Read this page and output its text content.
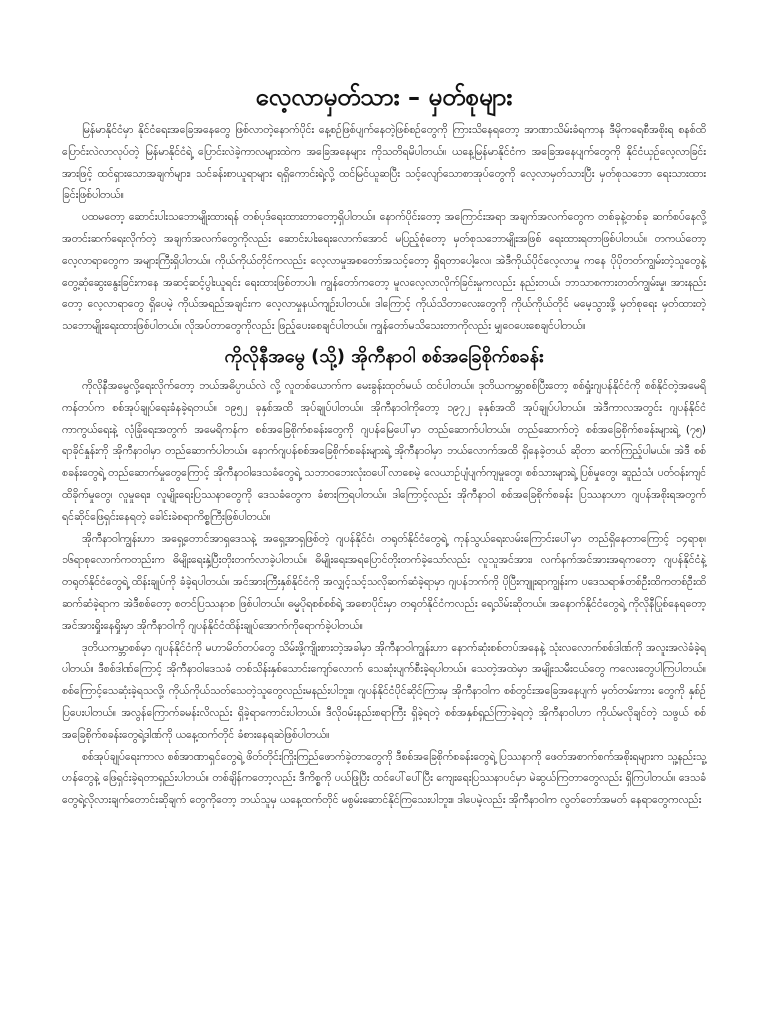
လေ့လာမှတ်သား – မှတ်စုများ

မြန်မာနိုင်ငံမှာ နိုင်ငံရေးအခြေအနေတွေ ဖြစ်လာတဲ့နောက်ပိုင်း နေ့စဉ်ဖြစ်ပျက်နေတဲ့ဖြစ်စဉ်တွေကို ကြားသိနေရတော့ အာဏာသိမ်းခံရကာန ဒီမိုကရေစီအစိုးရ စနစ်ထိ ပြောင်းလဲလာလုပ်တဲ့ မြန်မာနိုင်ငံရဲ့ ပြောင်းလဲခဲ့ကာလများထဲက အခြေအနေများ ကိုသတိရမိပါတယ်။ ယနေ့မြန်မာနိုင်ငံက အခြေအနေပျက်တွေကို နိုင်ငံယှဉ်လေ့လာခြင်းအားဖြင့် ထင်ရှားသောအချက်များ၊ သင်ခန်းစာယူရာများ ရရှိကောင်းရဲ့လို့ ထင်မြင်ယူဆပြီး သင့်လျော်သောစာအုပ်တွေကို လေ့လာမှတ်သားပြီး မှတ်စုသဘော ရေးသားထားခြင်းဖြစ်ပါတယ်။

ပထမတော့ ဆောင်းပါးသဘောမျိုးထားရန် တစ်ပုဒ်ရေးထားတာတော့ရှိပါတယ်။ နောက်ပိုင်းတော့ အကြောင်းအရာ အချက်အလက်တွေက တစ်ခုနဲ့တစ်ခု ဆက်စပ်နေလို့ အတင်းဆက်ရေးလိုက်တဲ့ အချက်အလက်တွေကိုလည်း ဆောင်းပါးရေးလောက်အောင် မပြည့်စုံတော့ မှတ်စုသဘောမျိုးအဖြစ် ရေးထားရတာဖြစ်ပါတယ်။ တကယ်တော့ လေ့လာရာတွေက အများကြီးရှိပါတယ်။ ကိုယ်ကိုယ်တိုင်ကလည်း လေ့လာမှုအစတော်အသင့်တော့ ရှိရတာပေါ့လေ၊ အဲဒီကိုယ်ပိုင်လေ့လာမှု ကနေ ပိုပိုတတ်ကျွမ်းတဲ့သူတွေနဲ့ တွေ့ဆုံဆွေးနွေးခြင်းကနေ အဆင့်ဆင့်ပွါးယူရင်း ရေးထားဖြစ်တာပါ။ ကျွန်တော်ကတော့ မူလလေ့လာလိုက်ခြင်းမှုကလည်း နည်းတယ်၊ ဘာသာစကားတတ်ကျွမ်းမှု၊ အားနည်းတော့ လေ့လာရာတွေ ရှိပေမဲ့ ကိုယ်အရည်အချင်းက လေ့လာမှုနယ်ကျဉ်းပါတယ်။ ဒါကြောင့် ကိုယ်သိတာလေးတွေကို ကိုယ်ကိုယ်တိုင် မမေ့သွားဖို့ မှတ်စုရေး မှတ်ထားတဲ့သဘောမျိုးရေးထားဖြစ်ပါတယ်။ လိုအပ်တာတွေကိုလည်း ဖြည့်ပေးစေချင်ပါတယ်။ ကျွန်တော်မသိသေးတာကိုလည်း မျှဝေပေးစေချင်ပါတယ်။

ကိုလိုနီအမွေ (သို့) အိုကီနာဝါ စစ်အခြေစိုက်စခန်း

ကိုလိုနီအမွေလို့ရေးလိုက်တော့ ဘယ်အဓိပ္ပာယ်လဲ လို့ လူတစ်ယောက်က မေးခွန်းထုတ်မယ် ထင်ပါတယ်။ ဒုတိယကမ္ဘာစစ်ပြီးတော့ စစ်ရှုံးဂျပန်နိုင်ငံကို စစ်နိုင်တဲ့အမေရိကန်တပ်က စစ်အုပ်ချုပ်ရေးခံနခဲ့ရတယ်။ ၁၉၅၂ ခုနှစ်အထိ အုပ်ချုပ်ပါတယ်။ အိုကီနာဝါကိုတော့ ၁၉၇၂ ခုနှစ်အထိ အုပ်ချုပ်ပါတယ်။ အဲဒီကာလအတွင်း ဂျပန်နိုင်ငံ ကာကွယ်ရေးနဲ့ လုံခြုံရေးအတွက် အမေရိကန်က စစ်အခြေစိုက်စခန်းတွေကို ဂျပန်မြေပေါ်မှာ တည်ဆောက်ပါတယ်။ တည်ဆောက်တဲ့ စစ်အခြေစိုက်စခန်းများရဲ့ (၇၅) ရာခိုင်နှုန်းကို အိုကီနာဝါမှာ တည်ဆောက်ပါတယ်။ နောက်ဂျပန်စစ်အခြေစိုက်စခန်းများရဲ့ အိုကီနာဝါမှာ ဘယ်လောက်အထိ ရှိနေခဲ့တယ် ဆိုတာ ဆက်ကြည့်ပါမယ်။ အဲဒီ စစ်စခန်းတွေရဲ့ တည်ဆောက်မှုတွေကြောင့် အိုကီနာဝါဒေသခံတွေရဲ့ သဘာဝဘေးလုံးဝပေါ်လာစေမဲ့ လေယာဉ်ပျံပျက်ကျမှုတွေ၊ စစ်သားများရဲ့ ပြစ်မှုတွေ၊ ဆူညံသံ၊ ပတ်ဝန်းကျင်ထိခိုက်မှုတွေ၊ လူမှုရေး၊ လူမျိုးရေးပြဿနာတွေကို ဒေသခံတွေက ခံစားကြရပါတယ်။ ဒါကြောင့်လည်း အိုကီနာဝါ စစ်အခြေစိုက်စခန်း ပြဿနာဟာ ဂျပန်အစိုးရအတွက် ရင်ဆိုင်ဖြေရှင်းနေရတဲ့ ခေါင်းခဲစရာကိစ္စကြီးဖြစ်ပါတယ်။

အိုကီနာဝါကျွန်းဟာ အရှေ့တောင်အာရှဒေသနဲ့ အရှေ့အာရှဖြစ်တဲ့ ဂျပန်နိုင်ငံ၊ တရုတ်နိုင်ငံတွေရဲ့ ကုန်သွယ်ရေးလမ်းကြောင်းပေါ်မှာ တည်ရှိနေတာကြောင့် ၁၄ရာစု၊ ၁၆ရာစုလောက်ကတည်းက ဓိမျိုးရေးနှဲ့ပြီးတိုးတက်လာခဲ့ပါတယ်။ ဓိမျိုးရေးအရပြောင်တိုးတက်ခဲ့သော်လည်း လူသူအင်အား၊ လက်နက်အင်အားအရကတော့ ဂျပန်နိုင်ငံနဲ့ တရုတ်နိုင်ငံတွေရဲ့ ထိန်းချုပ်ကို ခံခဲ့ရပါတယ်။ အင်အားကြီးနှစ်နိုင်ငံကို အလျှင့်သင့်သလိုဆက်ဆံခဲ့ရာမှာ ဂျပန်ဘက်ကို ပိုပြီးကျူးရာကျွန်းက ပဒေသရာဇ်တစ်ဦးထိကတစ်ဦးထိ ဆက်ဆံခဲ့ရာက အဲဒီစစ်တော့ စတင်ပြဿနာစ ဖြစ်ပါတယ်။ ဓမ္မပိုရစစ်စစ်ရဲ့ အစောပိုင်းမှာ တရုတ်နိုင်ငံကလည်း ရေ့သိမ်းဆိုတယ်။ အနောက်နိုင်ငံတွေရဲ့ ကိုလိုနီပြုစ်နေရတော့ အင်အားရှိုးနေရှိုးမှာ အိုကီနာဝါကို ဂျပန်နိုင်ငံထိန်းချုပ်အောက်ကိုရောက်ခဲ့ပါတယ်။

ဒုတိယကမ္ဘာစစ်မှာ ဂျပန်နိုင်ငံကို မဟာမိတ်တပ်တွေ သိမ်းဖို့ကျိုးစားတဲ့အခါမှာ အိုကီနာဝါကျွန်းဟာ နောက်ဆုံးစစ်တပ်အနေနဲ့ သုံးလလောက်စစ်ဒါဏ်ကို အလူးအလဲခံခဲ့ရပါတယ်။ ဒီစစ်ဒါဏ်ကြောင့် အိုကီနာဝါဒေသခံ တစ်သိန်းနှစ်သောင်းကျော်လောက် သေဆုံးပျက်စီးခဲ့ရပါတယ်။ သေတဲ့အထဲမှာ အမျိုးသမီးငယ်တွေ ကလေးတွေပါကြပါတယ်။ စစ်ကြောင့်သေဆုံးခဲ့ရသလို့၊ ကိုယ်ကိုယ်သတ်သေတဲ့သူတွေလည်းမနည်းပါဘူး။ ဂျပန်နိုင်ငံပိုင်ဆိုင်ကြားမှ အိုကီနာဝါက စစ်တွင်းအခြေအနေပျက် မှတ်တမ်းကား တွေကို နှစ်ဉ်ပြပေးပါတယ်။ အလွန်ကြောက်ခမန်းလိလည်း ရှိခဲ့ရာကောင်းပါတယ်။ ဒီလိုဝမ်းနည်းစရာကြီး ရှိခဲ့ရတဲ့ စစ်အနှစ်ရှည်ကြာခဲ့ရတဲ့ အိုကီနာဝါဟာ ကိုယ်မလိုချင်တဲ့ သဖွယ် စစ်အခြေစိုက်စခန်းတွေရဲ့ဒါဏ်ကို ယနေ့ထက်တိုင် ခံစားနေရဆဲဖြစ်ပါတယ်။

စစ်အုပ်ချုပ်ရေးကာလ စစ်အာဏာရှင်တွေရဲ့ ဖိတ်တိုင်းကြိုးကြည်ဖောက်ခဲ့တာတွေကို ဒီစစ်အခြေစိုက်စခန်းတွေရဲ့ ပြဿနာကို ဖေတ်အစာက်စက်အစိုးရများက သူ့နည်းသူ့ဟန်တွေနဲ့ ဖြေရှင်းခဲ့ရတာရှည်းပါတယ်။ တစ်ချိန်ကတော့လည်း ဒီကိစ္စကို ပယ်ဖြုပြီး ထင်ပေါ်ပေါ်ပြီး ကျေးရေးပြဿနာပင်မှာ မဲဆွယ်ကြတာတွေလည်း ရှိကြပါတယ်။ ဒေသခံတွေရဲ့လိုလားချက်တောင်းဆိုချက် တွေကိုတော့ ဘယ်သူမှ ယနေ့ထက်တိုင် မစွမ်းဆောင်နိုင်ကြသေးပါဘူး။ ဒါပေမဲ့လည်း အိုကီနာဝါက လွတ်တော်အမတ် နေရာတွေကလည်း
